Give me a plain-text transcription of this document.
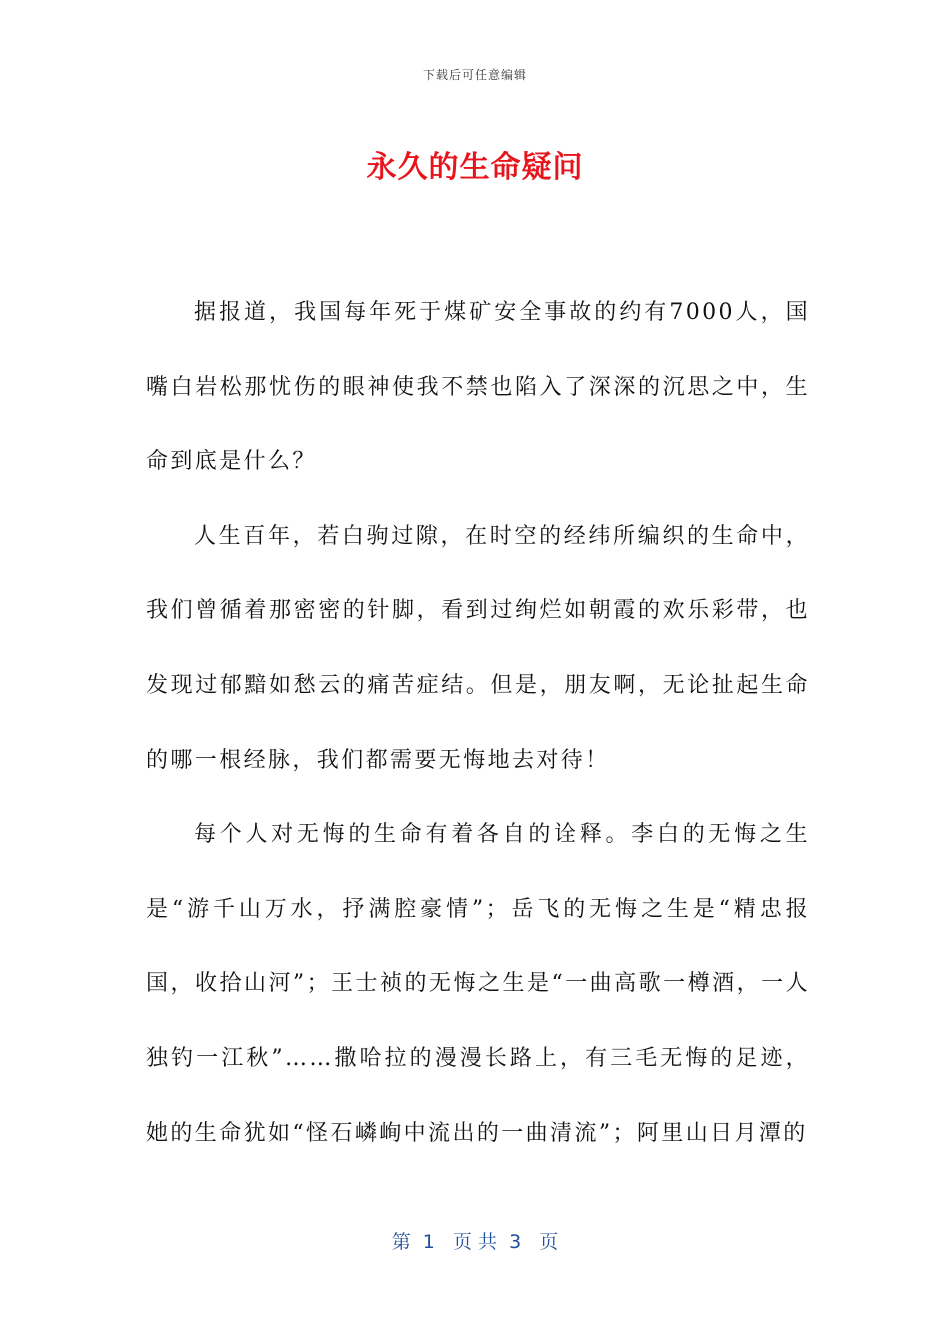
下载后可任意编辑
永久的生命疑问

据报道，我国每年死于煤矿安全事故的约有7000人，国嘴白岩松那忧伤的眼神使我不禁也陷入了深深的沉思之中，生命到底是什么？

人生百年，若白驹过隙，在时空的经纬所编织的生命中，我们曾循着那密密的针脚，看到过绚烂如朝霞的欢乐彩带，也发现过郁黯如愁云的痛苦症结。但是，朋友啊，无论扯起生命的哪一根经脉，我们都需要无悔地去对待！

每个人对无悔的生命有着各自的诠释。李白的无悔之生是“游千山万水，抒满腔豪情”；岳飞的无悔之生是“精忠报国，收拾山河”；王士祯的无悔之生是“一曲高歌一樽酒，一人独钓一江秋”……撒哈拉的漫漫长路上，有三毛无悔的足迹，她的生命犹如“怪石嶙峋中流出的一曲清流”；阿里山日月潭的

第  1   页 共  3   页
